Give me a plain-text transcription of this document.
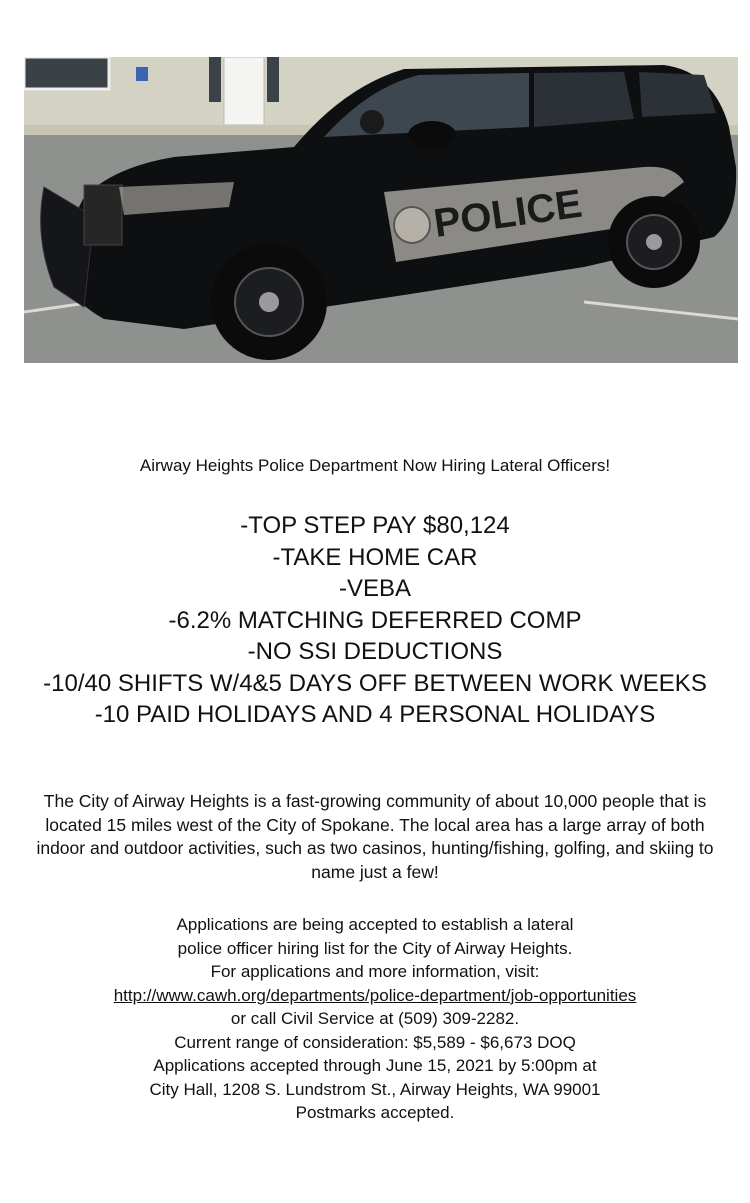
POLICE
Airway Heights Police Department Now Hiring Lateral Officers!
-TOP STEP PAY $80,124
-TAKE HOME CAR
-VEBA
-6.2% MATCHING DEFERRED COMP
-NO SSI DEDUCTIONS
-10/40 SHIFTS W/4&5 DAYS OFF BETWEEN WORK WEEKS
-10 PAID HOLIDAYS AND 4 PERSONAL HOLIDAYS
The City of Airway Heights is a fast-growing community of about 10,000 people that is located 15 miles west of the City of Spokane. The local area has a large array of both indoor and outdoor activities, such as two casinos, hunting/fishing, golfing, and skiing to name just a few!
Applications are being accepted to establish a lateral
police officer hiring list for the City of Airway Heights.
For applications and more information, visit:
http://www.cawh.org/departments/police-department/job-opportunities
or call Civil Service at (509) 309-2282.
Current range of consideration: $5,589 - $6,673 DOQ
Applications accepted through June 15, 2021 by 5:00pm at
City Hall, 1208 S. Lundstrom St., Airway Heights, WA 99001
Postmarks accepted.
